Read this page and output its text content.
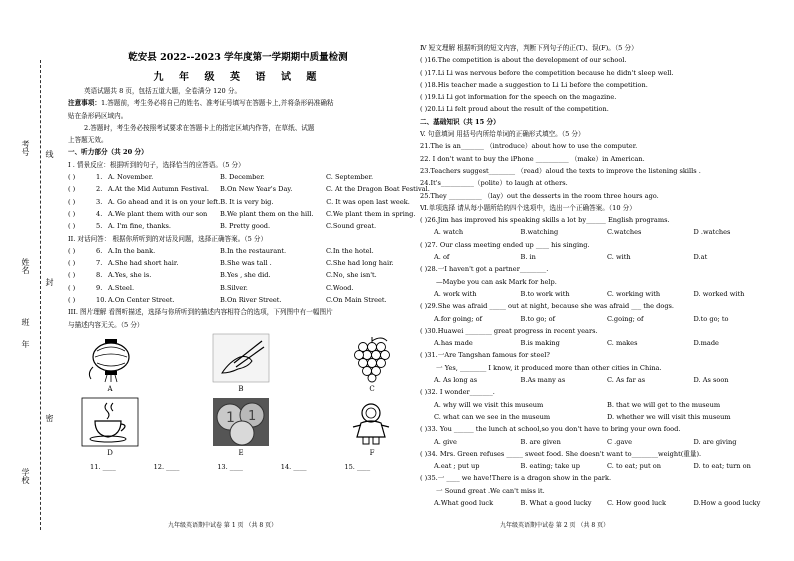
考号 线
姓名
封
班
年
密
学校
乾安县 2022--2023 学年度第一学期期中质量检测
九 年 级 英 语 试 题
英语试题共 8 页，包括五道大题，全卷满分 120 分。
注意事项：1.答题前，考生务必将自己的姓名、准考证号填写在答题卡上,并将条形码准确粘
贴在条形码区域内。
2.答题时，考生务必按照考试要求在答题卡上的指定区域内作答，在草纸、试题
上答题无效。
一、听力部分（共 20 分）
Ⅰ . 情景反应：根据听到的句子，选择恰当的应答语。（5 分）
( )	1. A. November.	B. December.	C. September.
( )	2. A.At the Mid Autumn Festival.	B.On New Year's Day.	C. At the Dragon Boat Festival.
( )	3. A. Go ahead and it is on your left. B. It is very big.	C. It was open last week.
( )	4. A.We plant them with our son	B.We plant them on the hill.	C.We plant them in spring.
( )	5. A. I'm fine, thanks.	B. Pretty good.	C.Sound great.
II. 对话问答： 根据你所听到的对话及问题，选择正确答案。（5 分）
( )	6. A.In the bank.	B.In the restaurant.	C.In the hotel.
( )	7. A.She had short hair.	B.She was tall .	C.She had long hair.
( )	8. A.Yes, she is.	B.Yes , she did.	C.No, she isn't.
( )	9. A.Steel.	B.Silver.	C.Wood.
( )	10. A.On Center Street.	B.On River Street.	C.On Main Street.
III. 图片理解 看图听描述，选择与你所听到的描述内容相符合的选项，下列图中有一幅图片
与描述内容无关。（5 分）
A	B	C
D
1 1
E	F
11. ____	12. ____	13. ____	14. ____	15. ____
Ⅳ 短文理解 根据听到的短文内容，判断下列句子的正(T)、误(F)。（5 分）
( )16.The competition is about the development of our school.
( )17.Li Li was nervous before the competition because he didn't sleep well.
( )18.His teacher made a suggestion to Li Li before the competition.
( )19.Li Li got information for the speech on the magazine.
( )20.Li Li felt proud about the result of the competition.
二、基础知识（共 15 分）
V. 句意填词 用括号内所给单词的正确形式填空。（5 分）
21.The is an_______ （introduce）about how to use the computer.
22. I don't want to buy the iPhone __________ （make）in American.
23.Teachers suggest________ （read）aloud the texts to improve the listening skills .
24.It's__________（polite）to laugh at others.
25.They __________ （lay）out the desserts in the room three hours ago.
Ⅵ.单项选择 请从每小题所给的四个选项中，选出一个正确答案。（10 分）
( )26.Jim has improved his speaking skills a lot by______ English programs.
A. watch	B.watching	C.watches	D .watches
( )27. Our class meeting ended up ____ his singing.
A. of	B. in	C. with	D.at
( )28.一I haven't got a partner________.
—Maybe you can ask Mark for help.
A. work with	B.to work with	C. working with	D. worked with
( )29.She was afraid _____ out at night, because she was afraid ___ the dogs.
A.for going; of	B.to go; of	C.going; of	D.to go; to
( )30.Huawei ________ great progress in recent years.
A.has made	B.is making	C. makes	D.made
( )31.一Are Tangshan famous for steel?
一 Yes, ________ I know, it produced more than other cities in China.
A. As long as	B.As many as	C. As far as	D. As soon
( )32. I wonder_______.
A. why will we visit this museum	B. that we will get to the museum
C. what can we see in the museum	D. whether we will visit this museum
( )33. You ______ the lunch at school,so you don't have to bring your own food.
A. give	B. are given	C .gave	D. are giving
( )34. Mrs. Green refuses _____ sweet food. She doesn't want to________weight(重量).
A.eat ; put up	B. eating; take up	C. to eat; put on	D. to eat; turn on
( )35.一 ____ we have!There is a dragon show in the park.
一 Sound great .We can't miss it.
A.What good luck	B. What a good lucky	C. How good luck	D.How a good lucky
九年级英语期中试卷 第 1 页 （共 8 页）	九年级英语期中试卷 第 2 页 （共 8 页）
